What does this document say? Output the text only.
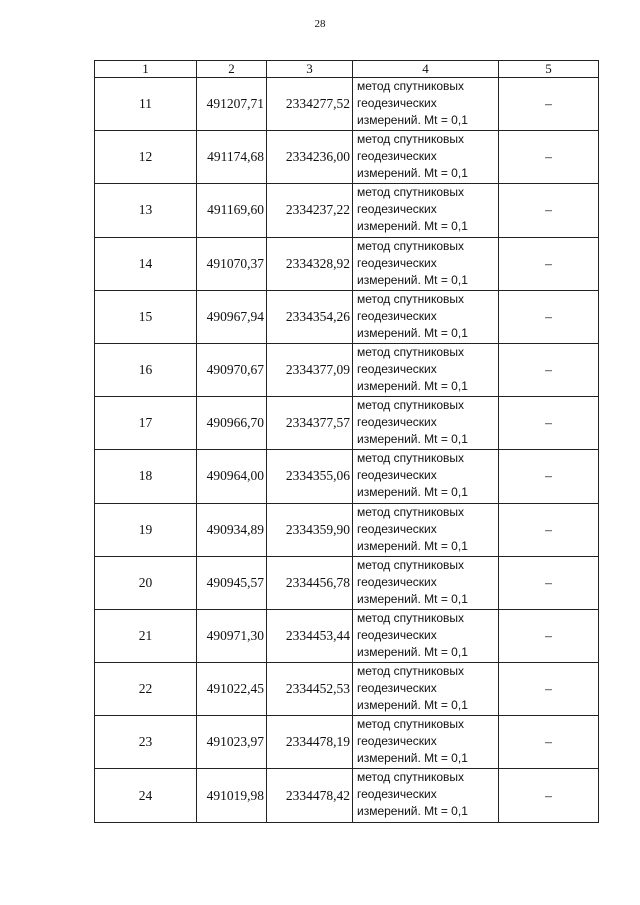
28
1	2	3	4	5
11	491207,71	2334277,52	метод спутниковых
геодезических
измерений. Mt = 0,1	–
12	491174,68	2334236,00	метод спутниковых
геодезических
измерений. Mt = 0,1	–
13	491169,60	2334237,22	метод спутниковых
геодезических
измерений. Mt = 0,1	–
14	491070,37	2334328,92	метод спутниковых
геодезических
измерений. Mt = 0,1	–
15	490967,94	2334354,26	метод спутниковых
геодезических
измерений. Mt = 0,1	–
16	490970,67	2334377,09	метод спутниковых
геодезических
измерений. Mt = 0,1	–
17	490966,70	2334377,57	метод спутниковых
геодезических
измерений. Mt = 0,1	–
18	490964,00	2334355,06	метод спутниковых
геодезических
измерений. Mt = 0,1	–
19	490934,89	2334359,90	метод спутниковых
геодезических
измерений. Mt = 0,1	–
20	490945,57	2334456,78	метод спутниковых
геодезических
измерений. Mt = 0,1	–
21	490971,30	2334453,44	метод спутниковых
геодезических
измерений. Mt = 0,1	–
22	491022,45	2334452,53	метод спутниковых
геодезических
измерений. Mt = 0,1	–
23	491023,97	2334478,19	метод спутниковых
геодезических
измерений. Mt = 0,1	–
24	491019,98	2334478,42	метод спутниковых
геодезических
измерений. Mt = 0,1	–
